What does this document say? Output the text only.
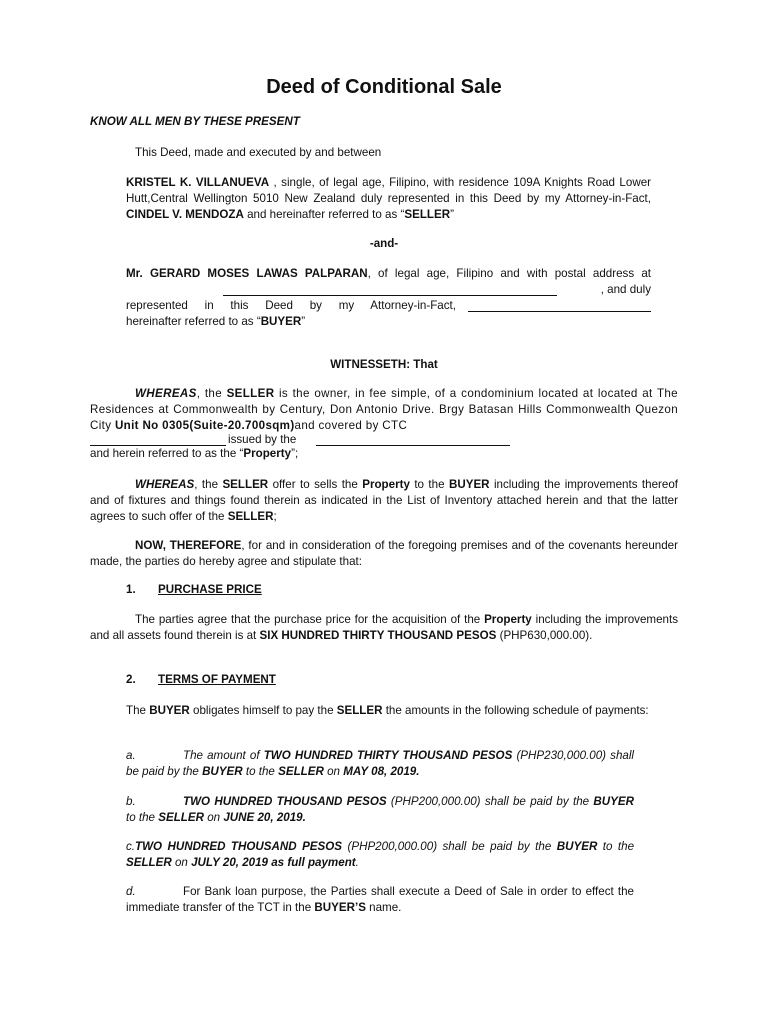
Deed of Conditional Sale
KNOW ALL MEN BY THESE PRESENT
This Deed, made and executed by and between
KRISTEL K. VILLANUEVA , single, of legal age, Filipino, with residence 109A Knights Road Lower Hutt,Central Wellington 5010 New Zealand duly represented in this Deed by my Attorney-in-Fact, CINDEL V. MENDOZA and hereinafter referred to as “SELLER”
-and-
Mr. GERARD MOSES LAWAS PALPARAN, of legal age, Filipino and with postal address at
, and duly
represented in this Deed by my Attorney-in-Fact,
hereinafter referred to as “BUYER”
WITNESSETH: That
WHEREAS, the SELLER is the owner, in fee simple, of a condominium located at located at The Residences at Commonwealth by Century, Don Antonio Drive. Brgy Batasan Hills Commonwealth Quezon City Unit No 0305(Suite-20.700sqm)and covered by CTC
issued by the
and herein referred to as the “Property”;
WHEREAS, the SELLER offer to sells the Property to the BUYER including the improvements thereof and of fixtures and things found therein as indicated in the List of Inventory attached herein and that the latter agrees to such offer of the SELLER;
NOW, THEREFORE, for and in consideration of the foregoing premises and of the covenants hereunder made, the parties do hereby agree and stipulate that:
1. PURCHASE PRICE
The parties agree that the purchase price for the acquisition of the Property including the improvements and all assets found therein is at SIX HUNDRED THIRTY THOUSAND PESOS (PHP630,000.00).
2. TERMS OF PAYMENT
The BUYER obligates himself to pay the SELLER the amounts in the following schedule of payments:
a.	The amount of TWO HUNDRED THIRTY THOUSAND PESOS (PHP230,000.00) shall be paid by the BUYER to the SELLER on MAY 08, 2019.
b.	TWO HUNDRED THOUSAND PESOS (PHP200,000.00) shall be paid by the BUYER to the SELLER on JUNE 20, 2019.
c.TWO HUNDRED THOUSAND PESOS (PHP200,000.00) shall be paid by the BUYER to the SELLER on JULY 20, 2019 as full payment.
d.	For Bank loan purpose, the Parties shall execute a Deed of Sale in order to effect the immediate transfer of the TCT in the BUYER’S name.
